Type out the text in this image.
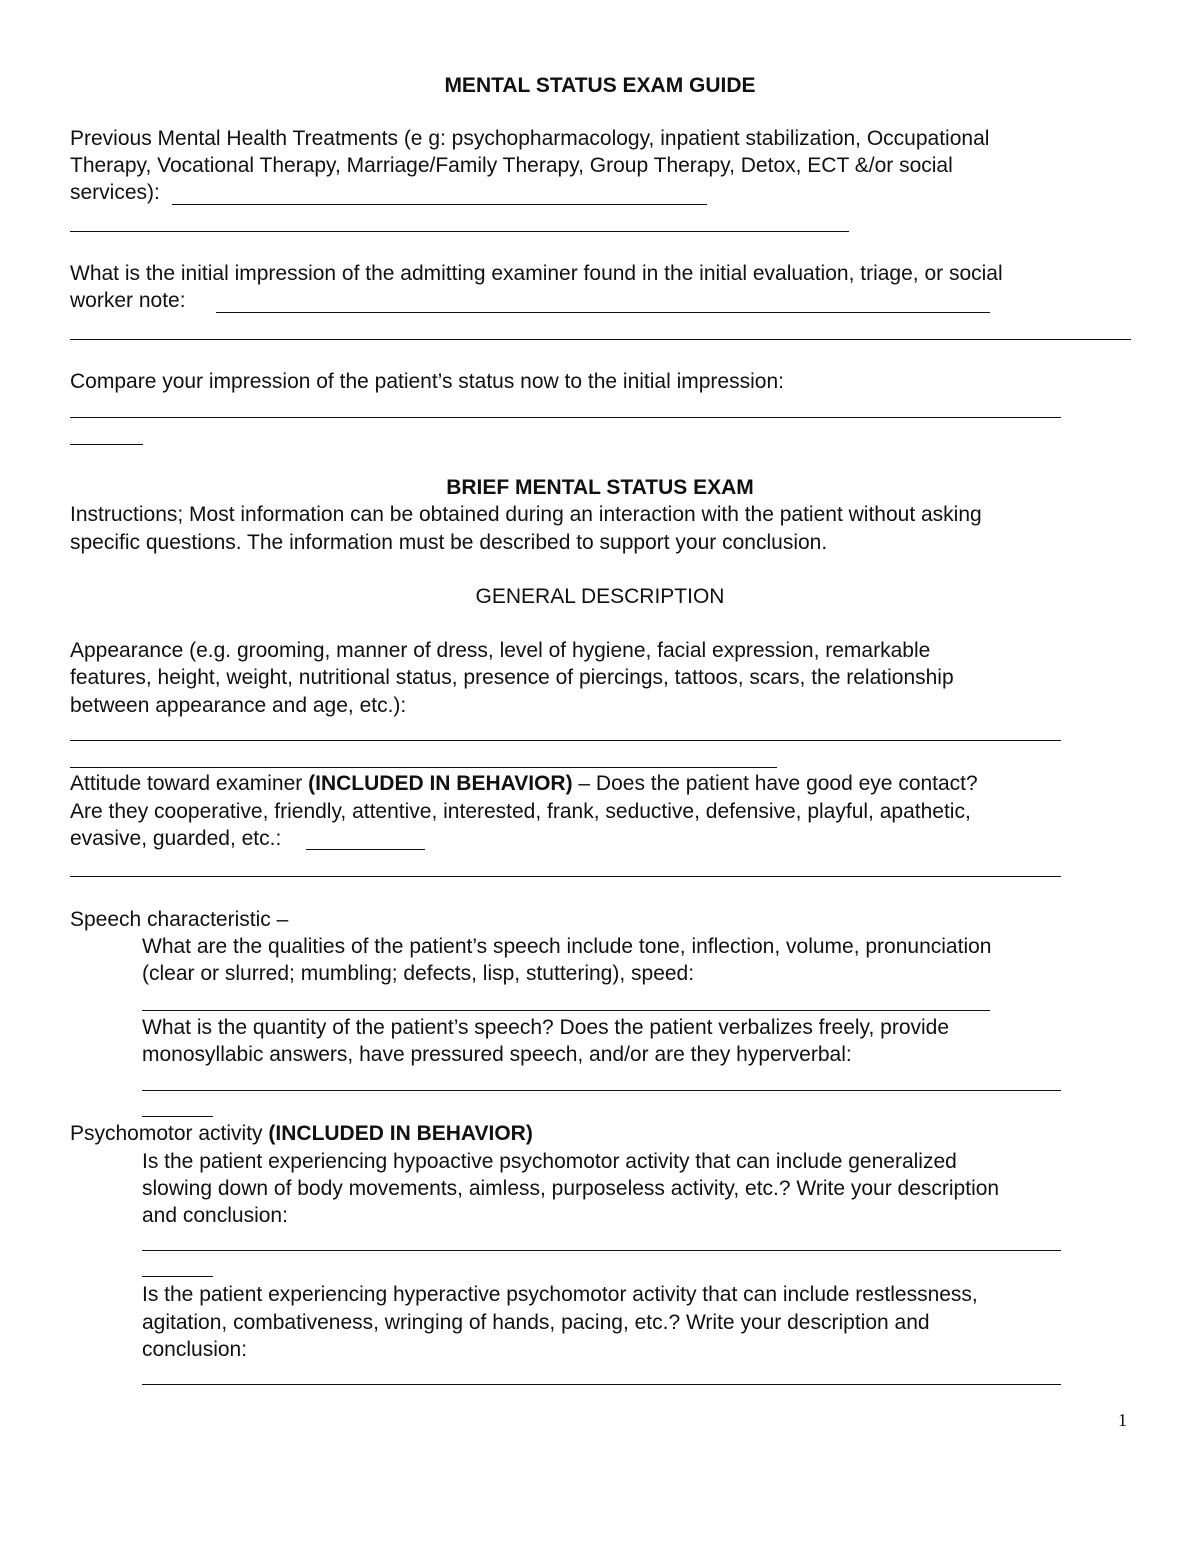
MENTAL STATUS EXAM GUIDE
Previous Mental Health Treatments (e g: psychopharmacology, inpatient stabilization, Occupational
Therapy, Vocational Therapy, Marriage/Family Therapy, Group Therapy, Detox, ECT &/or social
services):
What is the initial impression of the admitting examiner found in the initial evaluation, triage, or social
worker note:
Compare your impression of the patient’s status now to the initial impression:
BRIEF MENTAL STATUS EXAM
Instructions; Most information can be obtained during an interaction with the patient without asking
specific questions. The information must be described to support your conclusion.
GENERAL DESCRIPTION
Appearance (e.g. grooming, manner of dress, level of hygiene, facial expression, remarkable
features, height, weight, nutritional status, presence of piercings, tattoos, scars, the relationship
between appearance and age, etc.):
Attitude toward examiner (INCLUDED IN BEHAVIOR) – Does the patient have good eye contact?
Are they cooperative, friendly, attentive, interested, frank, seductive, defensive, playful, apathetic,
evasive, guarded, etc.:
Speech characteristic –
What are the qualities of the patient’s speech include tone, inflection, volume, pronunciation
(clear or slurred; mumbling; defects, lisp, stuttering), speed:
What is the quantity of the patient’s speech? Does the patient verbalizes freely, provide
monosyllabic answers, have pressured speech, and/or are they hyperverbal:
Psychomotor activity (INCLUDED IN BEHAVIOR)
Is the patient experiencing hypoactive psychomotor activity that can include generalized
slowing down of body movements, aimless, purposeless activity, etc.? Write your description
and conclusion:
Is the patient experiencing hyperactive psychomotor activity that can include restlessness,
agitation, combativeness, wringing of hands, pacing, etc.? Write your description and
conclusion:
1
